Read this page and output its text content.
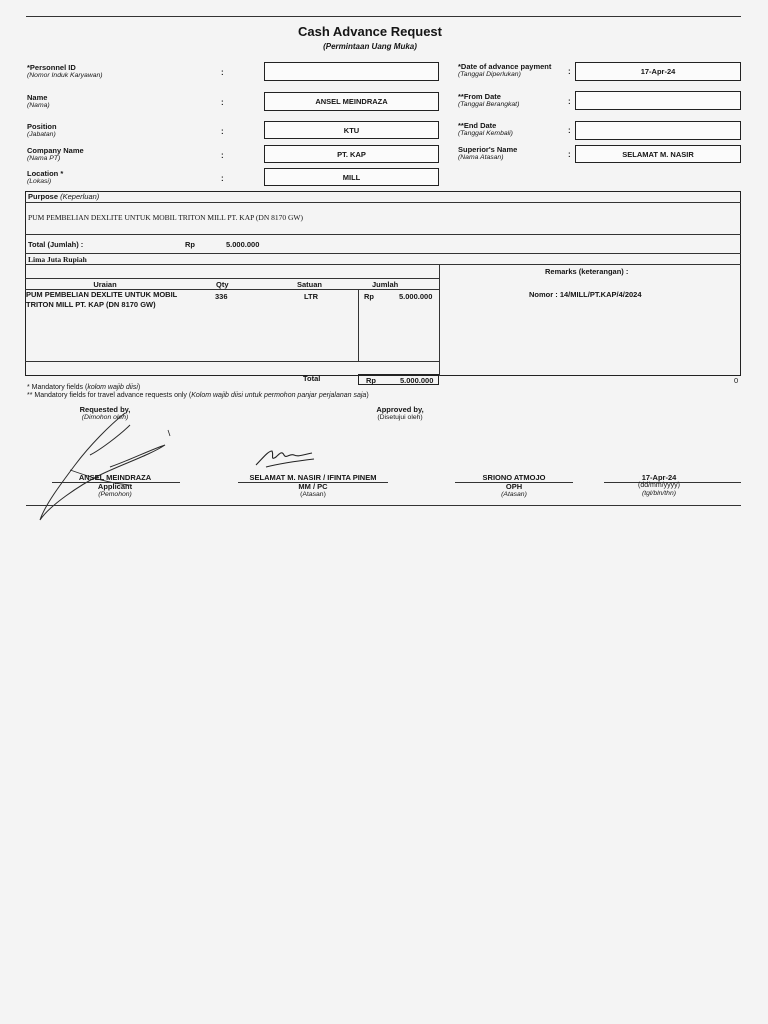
Cash Advance Request
(Permintaan Uang Muka)
*Personnel ID
(Nomor Induk Karyawan)	:
Name
(Nama)	:	ANSEL MEINDRAZA
Position
(Jabatan)	:	KTU
Company Name
(Nama PT)	:	PT. KAP
Location *
(Lokasi)	:	MILL
*Date of advance payment
(Tanggal Diperlukan)	:	17-Apr-24
**From Date
(Tanggal Berangkat)	:
**End Date
(Tanggal Kembali)	:
Superior's Name
(Nama Atasan)	:	SELAMAT M. NASIR
Purpose (Keperluan)
PUM PEMBELIAN DEXLITE UNTUK MOBIL TRITON MILL PT. KAP (DN 8170 GW)
Total (Jumlah) :	Rp	5.000.000
Lima Juta Rupiah
Uraian	Qty	Satuan	Jumlah
PUM PEMBELIAN DEXLITE UNTUK MOBIL TRITON MILL PT. KAP (DN 8170 GW)
336	LTR	Rp	5.000.000
Total	Rp	5.000.000
Remarks (keterangan) :
Nomor : 14/MILL/PT.KAP/4/2024
0
* Mandatory fields (kolom wajib diisi)
** Mandatory fields for travel advance requests only (Kolom wajib diisi untuk permohon panjar perjalanan saja)
Requested by,
(Dimohon oleh)
Approved by,
(Disetujui oleh)
ANSEL MEINDRAZA
Applicant
(Pemohon)
SELAMAT M. NASIR / IFINTA PINEM
MM / PC
(Atasan)
SRIONO ATMOJO
OPH
(Atasan)
17-Apr-24
(dd/mm/yyyy)
(tgl/bln/thn)
